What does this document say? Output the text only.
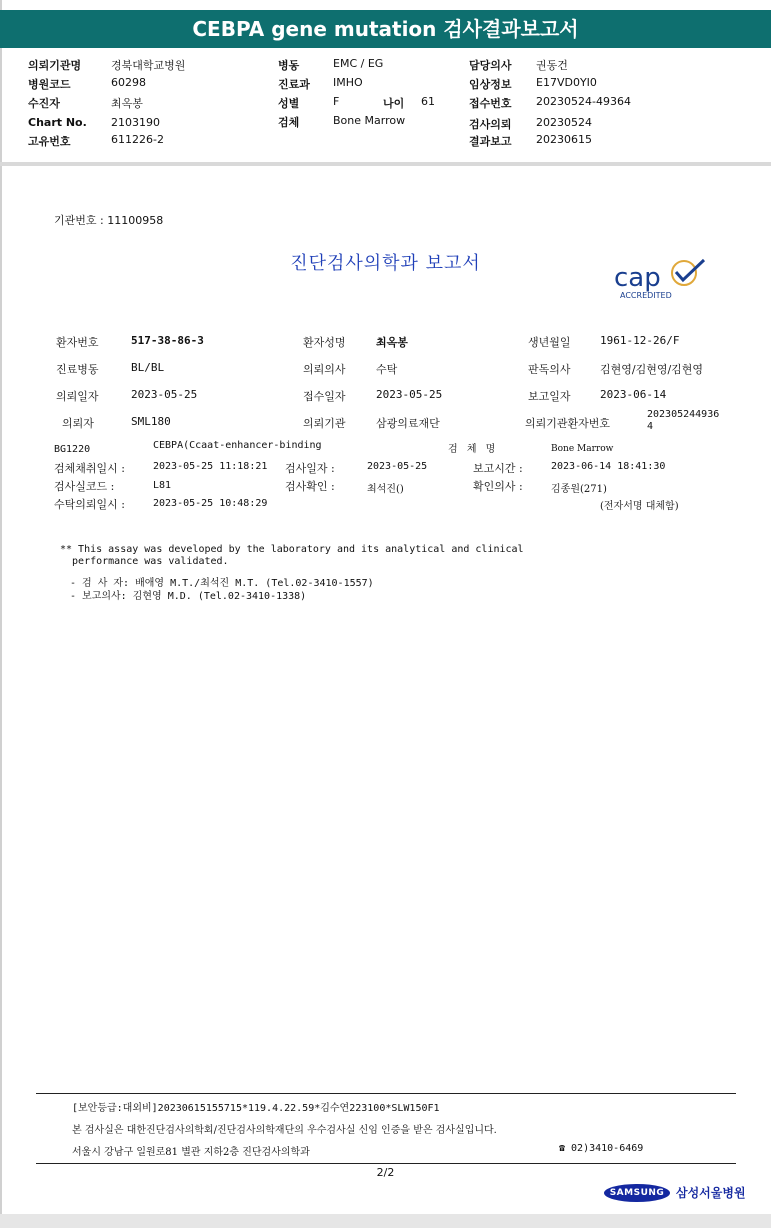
CEBPA gene mutation 검사결과보고서
의뢰기관명	경북대학교병원
병원코드	60298
수진자	최옥봉
Chart No. 2103190
고유번호	611226-2
병동	EMC / EG
진료과 IMHO
성별	F	나이 61
검체	Bone Marrow
담당의사 권동건
임상정보 E17VD0YI0
접수번호 20230524-49364
검사의뢰 20230524
결과보고 20230615
기관번호 : 11100958
진단검사의학과 보고서	cap
ACCREDITED
환자번호	517-38-86-3	환자성명	최옥봉	생년월일	1961-12-26/F
진료병동	BL/BL	의뢰의사	수탁	판독의사	김현영/김현영/김현영
의뢰일자	2023-05-25	접수일자	2023-05-25	보고일자	2023-06-14
의뢰자	SML180	의뢰기관	삼광의료재단	의뢰기관환자번호
202305244936
4
BG1220	CEBPA(Ccaat-enhancer-binding	검 체 명	Bone Marrow
검체채취일시 :	2023-05-25 11:18:21 검사일자 :	2023-05-25	보고시간 :	2023-06-14 18:41:30
검사실코드 :	L81	검사확인 :	최석진()	확인의사 :	김종원(271)
수탁의뢰일시 :	2023-05-25 10:48:29	(전자서명 대체함)
** This assay was developed by the laboratory and its analytical and clinical
performance was validated.
- 검 사 자: 배애영 M.T./최석진 M.T. (Tel.02-3410-1557)
- 보고의사: 김현영 M.D. (Tel.02-3410-1338)
[보안등급:대외비]20230615155715*119.4.22.59*김수연223100*SLW150F1
본 검사실은 대한진단검사의학회/진단검사의학재단의 우수검사실 신임 인증을 받은 검사실입니다.
서울시 강남구 일원로81 별관 지하2층 진단검사의학과	☎ 02)3410-6469
2/2
SAMSUNG 삼성서울병원
